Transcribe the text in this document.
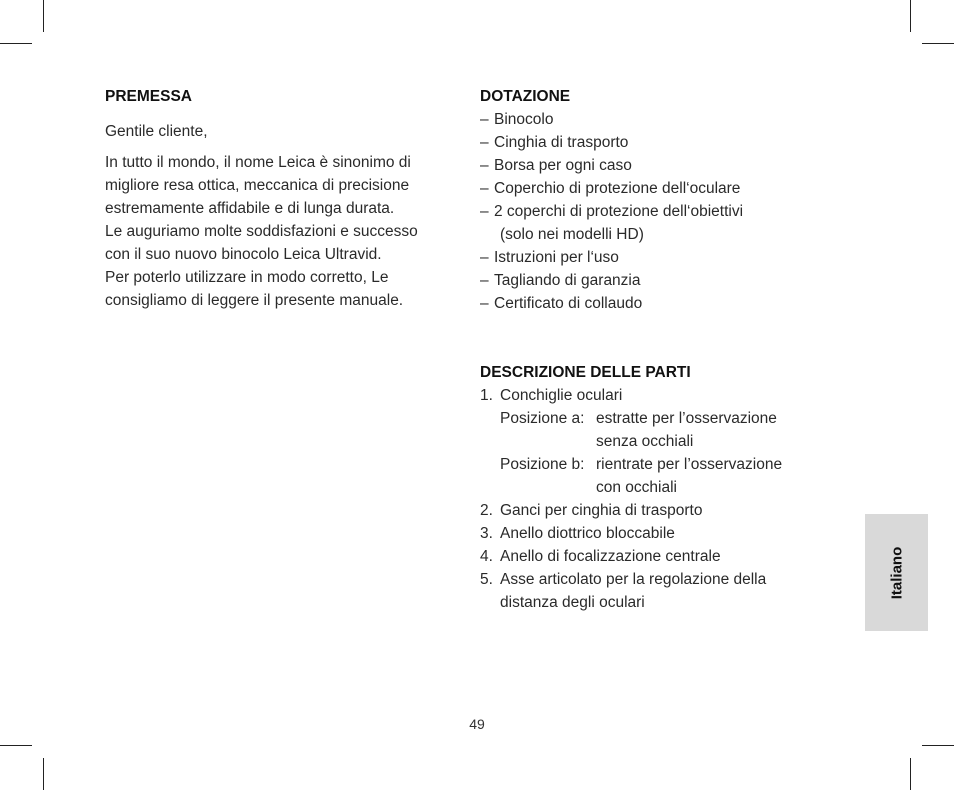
PREMESSA

Gentile cliente,

In tutto il mondo, il nome Leica è sinonimo di
migliore resa ottica, meccanica di precisione
estremamente affidabile e di lunga durata.
Le auguriamo molte soddisfazioni e successo
con il suo nuovo binocolo Leica Ultravid.
Per poterlo utilizzare in modo corretto, Le
consigliamo di leggere il presente manuale.

DOTAZIONE

– Binocolo
– Cinghia di trasporto
– Borsa per ogni caso
– Coperchio di protezione dell‘oculare
– 2 coperchi di protezione dell‘obiettivi
(solo nei modelli HD)
– Istruzioni per l‘uso
– Tagliando di garanzia
– Certificato di collaudo

DESCRIZIONE DELLE PARTI

1. Conchiglie oculari
Posizione a: estratte per l’osservazione
senza occhiali
Posizione b: rientrate per l’osservazione
con occhiali
2. Ganci per cinghia di trasporto
3. Anello diottrico bloccabile
4. Anello di focalizzazione centrale
5. Asse articolato per la regolazione della
distanza degli oculari
Italiano
49
